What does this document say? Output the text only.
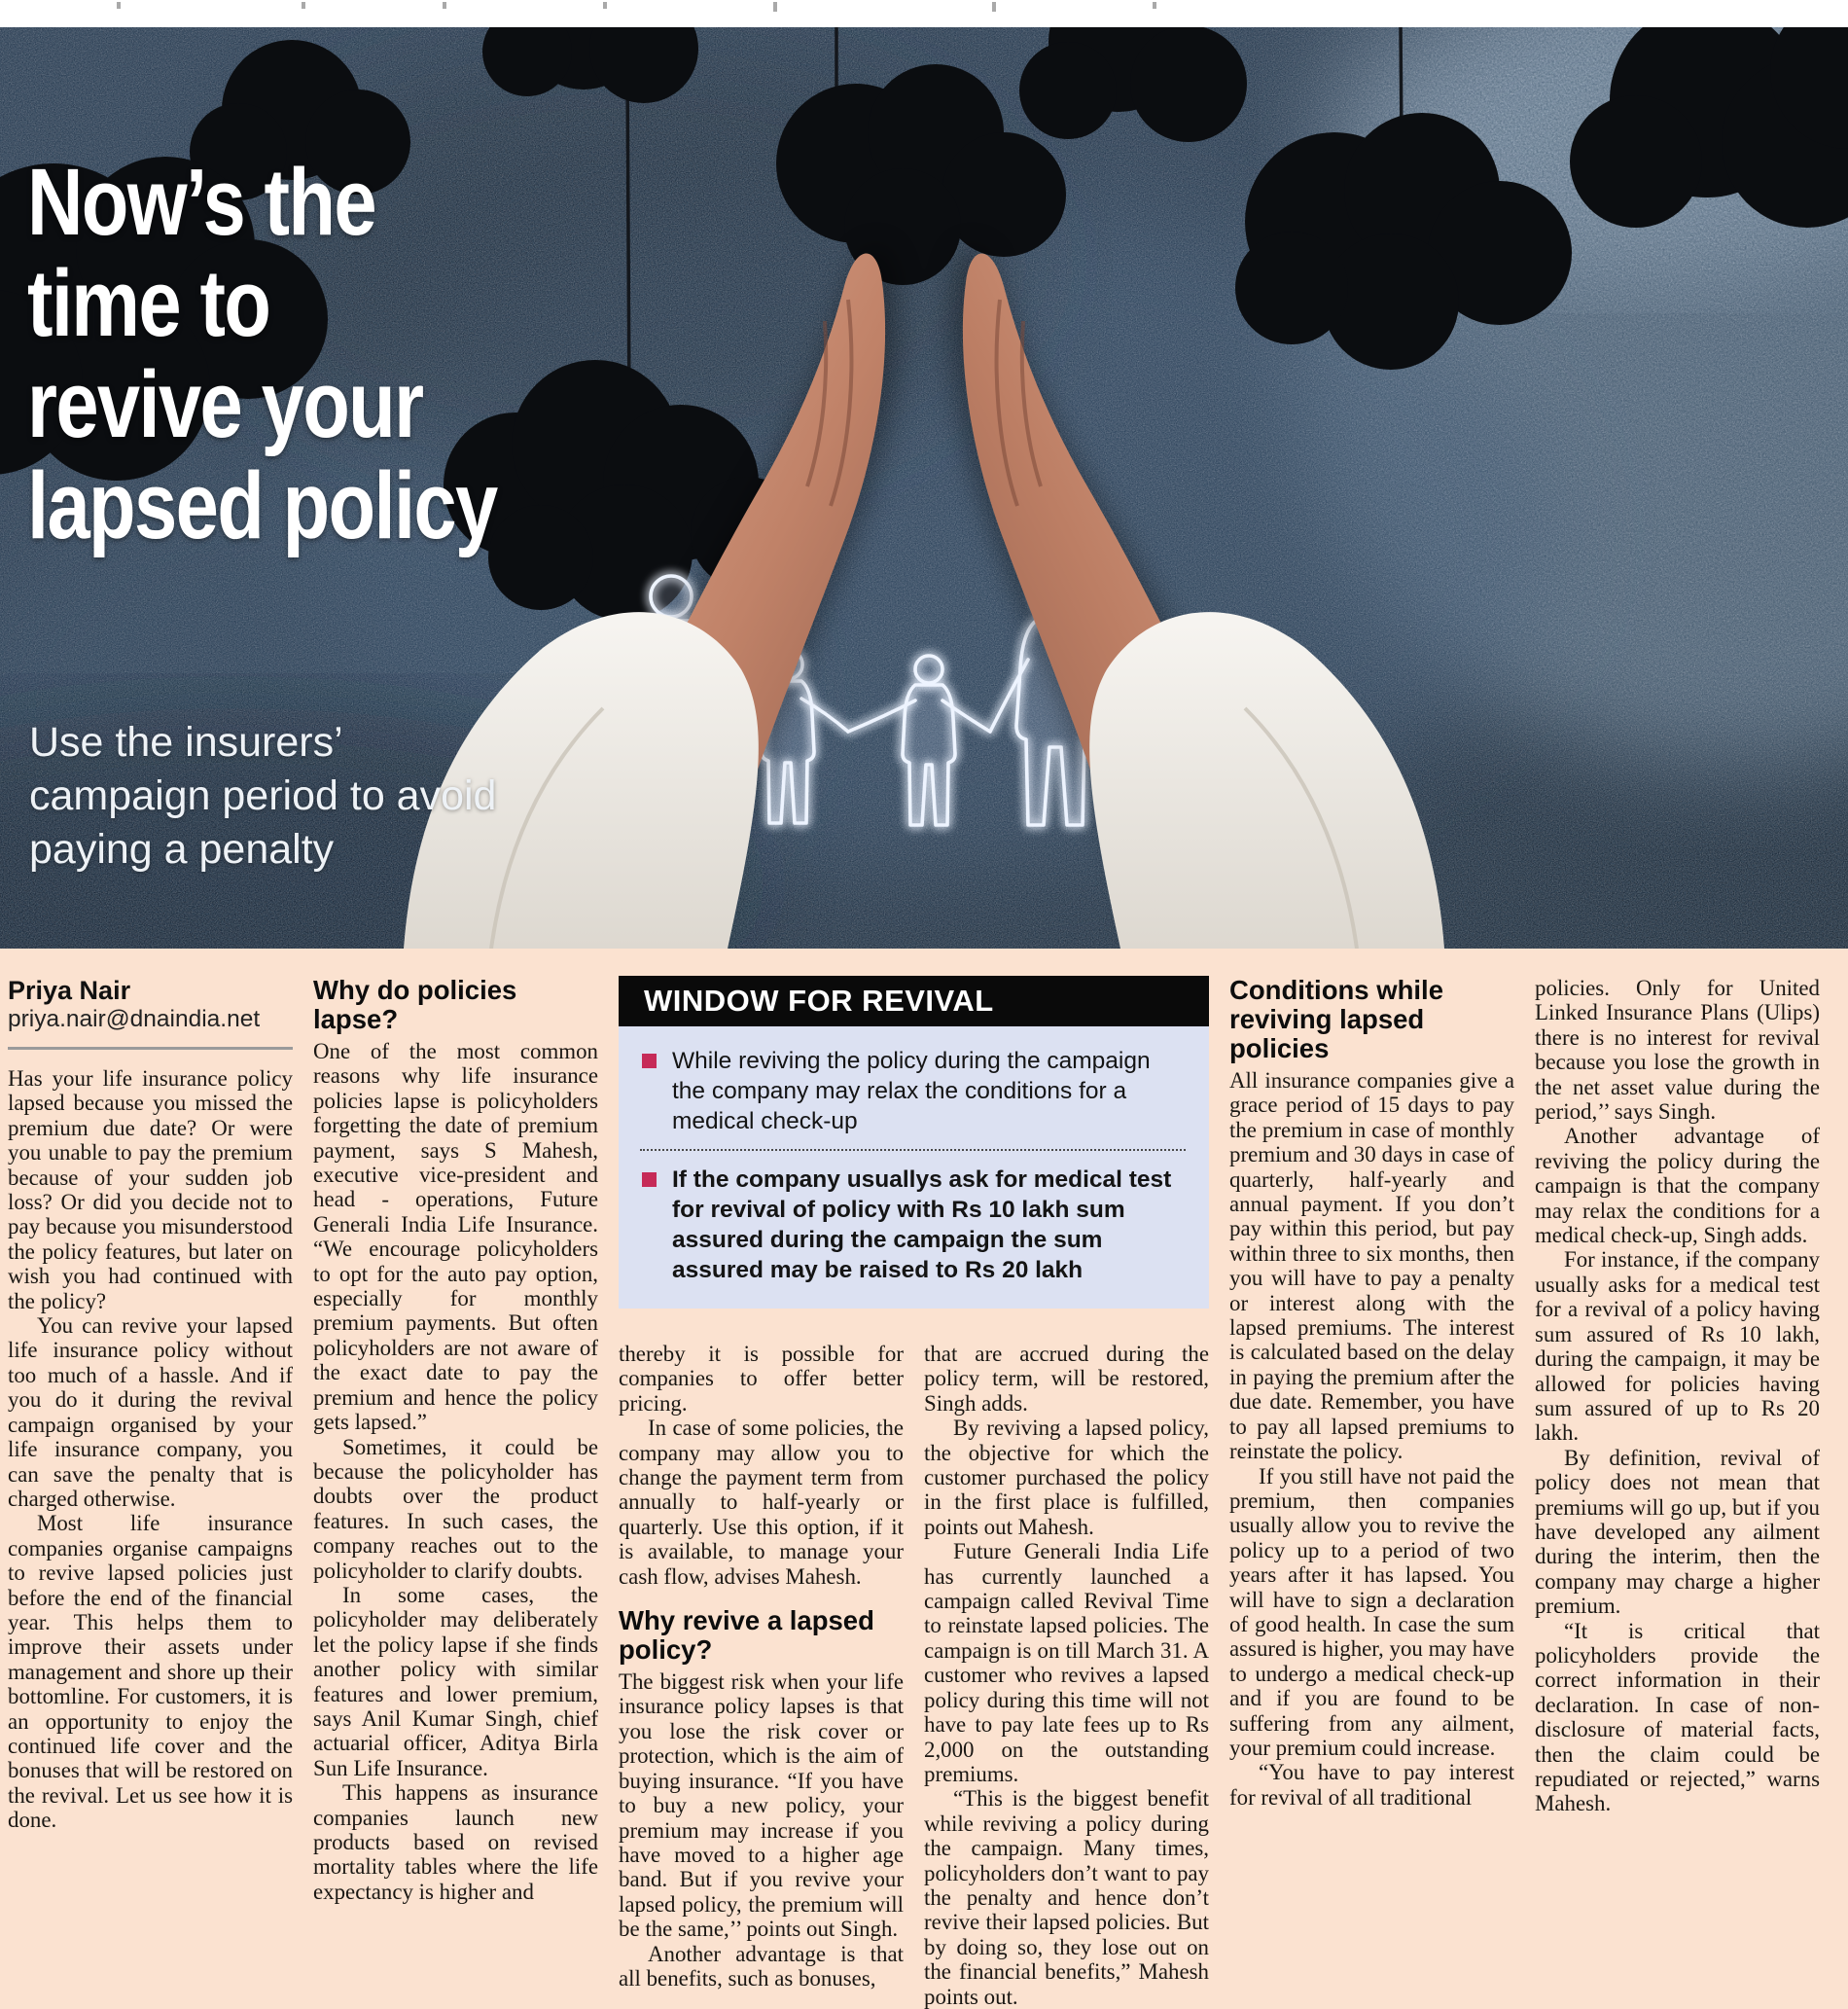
Now’s the
time to
revive your
lapsed policy
Use the insurers’
campaign period to avoid
paying a penalty
Priya Nair
priya.nair@dnaindia.net

Has your life insurance policy lapsed because you missed the premium due date? Or were you unable to pay the premium because of your sudden job loss? Or did you decide not to pay because you misunderstood the policy features, but later on wish you had continued with the policy?

You can revive your lapsed life insurance policy without too much of a hassle. And if you do it during the revival campaign organised by your life insurance company, you can save the penalty that is charged otherwise.

Most life insurance companies organise campaigns to revive lapsed policies just before the end of the financial year. This helps them to improve their assets under management and shore up their bottomline. For customers, it is an opportunity to enjoy the continued life cover and the bonuses that will be restored on the revival. Let us see how it is done.

Why do policies lapse?

One of the most common reasons why life insurance policies lapse is policyholders forgetting the date of premium payment, says S Mahesh, executive vice-president and head - operations, Future Generali India Life Insurance. “We encourage policyholders to opt for the auto pay option, especially for monthly premium payments. But often policyholders are not aware of the exact date to pay the premium and hence the policy gets lapsed.”

Sometimes, it could be because the policyholder has doubts over the product features. In such cases, the company reaches out to the policyholder to clarify doubts.

In some cases, the policyholder may deliberately let the policy lapse if she finds another policy with similar features and lower premium, says Anil Kumar Singh, chief actuarial officer, Aditya Birla Sun Life Insurance.

This happens as insurance companies launch new products based on revised mortality tables where the life expectancy is higher and

WINDOW FOR REVIVAL
While reviving the policy during the campaign the company may relax the conditions for a medical check-up
If the company usuallys ask for medical test for revival of policy with Rs 10 lakh sum assured during the campaign the sum assured may be raised to Rs 20 lakh

thereby it is possible for companies to offer better pricing.

In case of some policies, the company may allow you to change the payment term from annually to half-yearly or quarterly. Use this option, if it is available, to manage your cash flow, advises Mahesh.

Why revive a lapsed policy?

The biggest risk when your life insurance policy lapses is that you lose the risk cover or protection, which is the aim of buying insurance. “If you have to buy a new policy, your premium may increase if you have moved to a higher age band. But if you revive your lapsed policy, the premium will be the same,’’ points out Singh.

Another advantage is that all benefits, such as bonuses,

that are accrued during the policy term, will be restored, Singh adds.

By reviving a lapsed policy, the objective for which the customer purchased the policy in the first place is fulfilled, points out Mahesh.

Future Generali India Life has currently launched a campaign called Revival Time to reinstate lapsed policies. The campaign is on till March 31. A customer who revives a lapsed policy during this time will not have to pay late fees up to Rs 2,000 on the outstanding premiums.

“This is the biggest benefit while reviving a policy during the campaign. Many times, policyholders don’t want to pay the penalty and hence don’t revive their lapsed policies. But by doing so, they lose out on the financial benefits,” Mahesh points out.

Conditions while reviving lapsed policies

All insurance companies give a grace period of 15 days to pay the premium in case of monthly premium and 30 days in case of quarterly, half-yearly and annual payment. If you don’t pay within this period, but pay within three to six months, then you will have to pay a penalty or interest along with the lapsed premiums. The interest is calculated based on the delay in paying the premium after the due date. Remember, you have to pay all lapsed premiums to reinstate the policy.

If you still have not paid the premium, then companies usually allow you to revive the policy up to a period of two years after it has lapsed. You will have to sign a declaration of good health. In case the sum assured is higher, you may have to undergo a medical check-up and if you are found to be suffering from any ailment, your premium could increase.

“You have to pay interest for revival of all traditional

policies. Only for United Linked Insurance Plans (Ulips) there is no interest for revival because you lose the growth in the net asset value during the period,’’ says Singh.

Another advantage of reviving the policy during the campaign is that the company may relax the conditions for a medical check-up, Singh adds.

For instance, if the company usually asks for a medical test for a revival of a policy having sum assured of Rs 10 lakh, during the campaign, it may be allowed for policies having sum assured of up to Rs 20 lakh.

By definition, revival of policy does not mean that premiums will go up, but if you have developed any ailment during the interim, then the company may charge a higher premium.

“It is critical that policyholders provide the correct information in their declaration. In case of non-disclosure of material facts, then the claim could be repudiated or rejected,” warns Mahesh.
